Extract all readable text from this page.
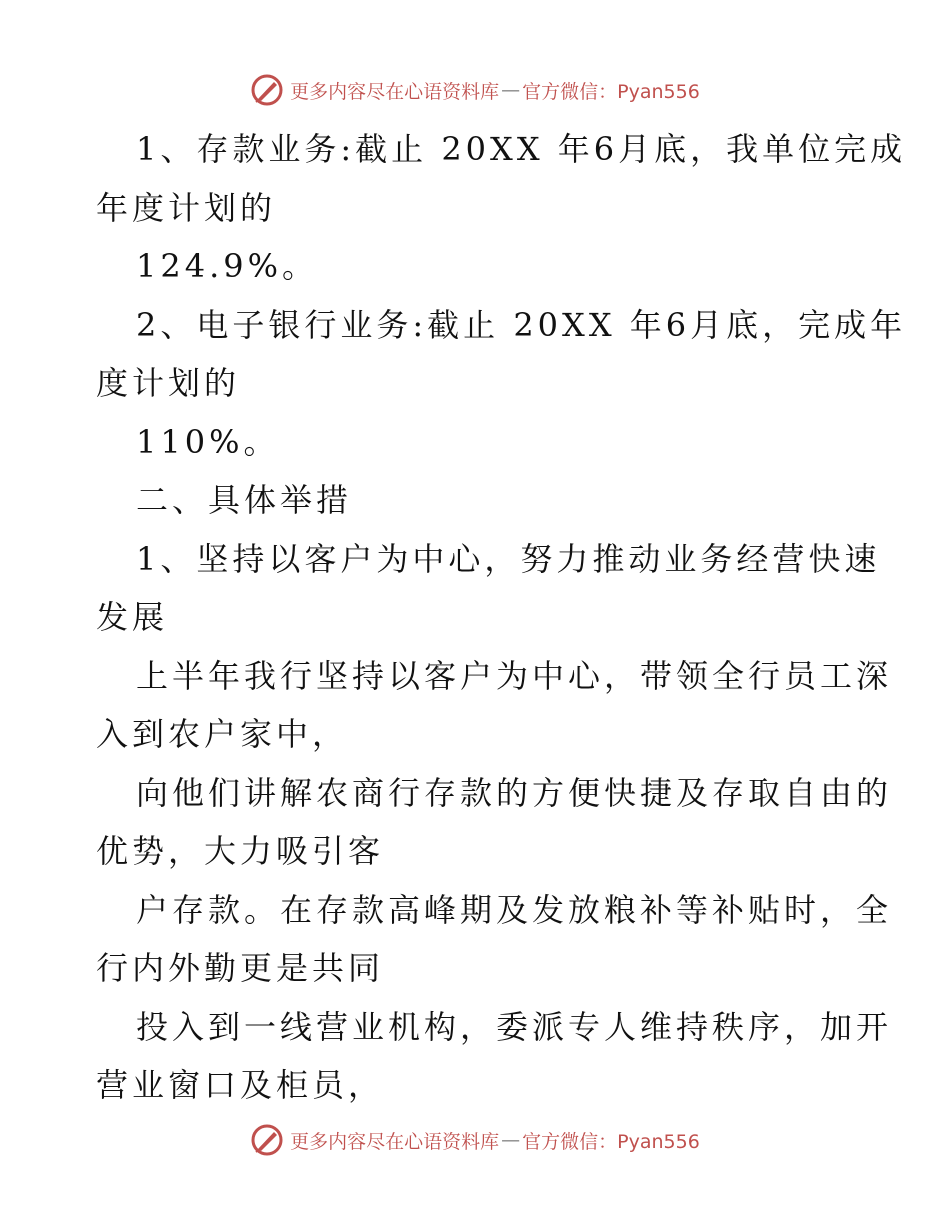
更多内容尽在心语资料库 — 官方微信：Pyan556
1、存款业务:截止 20XX 年6月底，我单位完成
年度计划的
124.9%。
2、电子银行业务:截止 20XX 年6月底，完成年
度计划的
110%。
二、具体举措
1、坚持以客户为中心，努力推动业务经营快速
发展
上半年我行坚持以客户为中心，带领全行员工深
入到农户家中，
向他们讲解农商行存款的方便快捷及存取自由的
优势，大力吸引客
户存款。在存款高峰期及发放粮补等补贴时，全
行内外勤更是共同
投入到一线营业机构，委派专人维持秩序，加开
营业窗口及柜员，
更多内容尽在心语资料库 — 官方微信：Pyan556
